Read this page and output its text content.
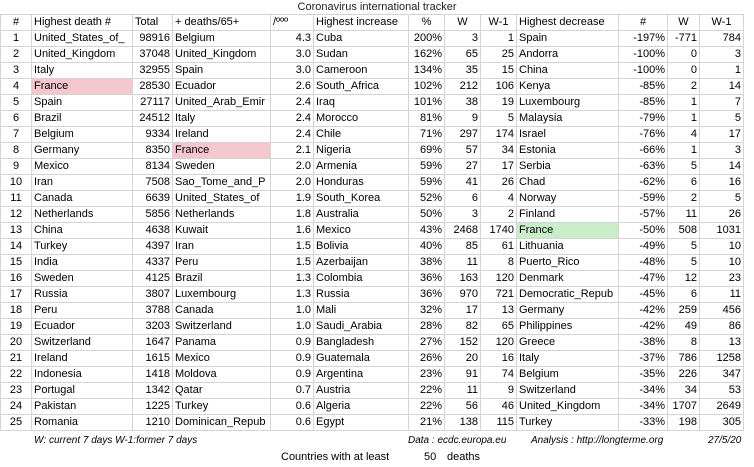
Coronavirus international tracker
#	Highest death #	Total	+ deaths/65+	/ººº	Highest increase	%	W	W-1	Highest decrease	#	W	W-1
1	United_States_of_	98916	Belgium	4.3	Cuba	200%	3	1	Spain	-197%	-771	784
2	United_Kingdom	37048	United_Kingdom	3.0	Sudan	162%	65	25	Andorra	-100%	0	3
3	Italy	32955	Spain	3.0	Cameroon	134%	35	15	China	-100%	0	1
4	France	28530	Ecuador	2.6	South_Africa	102%	212	106	Kenya	-85%	2	14
5	Spain	27117	United_Arab_Emir	2.4	Iraq	101%	38	19	Luxembourg	-85%	1	7
6	Brazil	24512	Italy	2.4	Morocco	81%	9	5	Malaysia	-79%	1	5
7	Belgium	9334	Ireland	2.4	Chile	71%	297	174	Israel	-76%	4	17
8	Germany	8350	France	2.1	Nigeria	69%	57	34	Estonia	-66%	1	3
9	Mexico	8134	Sweden	2.0	Armenia	59%	27	17	Serbia	-63%	5	14
10	Iran	7508	Sao_Tome_and_P	2.0	Honduras	59%	41	26	Chad	-62%	6	16
11	Canada	6639	United_States_of	1.9	South_Korea	52%	6	4	Norway	-59%	2	5
12	Netherlands	5856	Netherlands	1.8	Australia	50%	3	2	Finland	-57%	11	26
13	China	4638	Kuwait	1.6	Mexico	43%	2468	1740	France	-50%	508	1031
14	Turkey	4397	Iran	1.5	Bolivia	40%	85	61	Lithuania	-49%	5	10
15	India	4337	Peru	1.5	Azerbaijan	38%	11	8	Puerto_Rico	-48%	5	10
16	Sweden	4125	Brazil	1.3	Colombia	36%	163	120	Denmark	-47%	12	23
17	Russia	3807	Luxembourg	1.3	Russia	36%	970	721	Democratic_Repub	-45%	6	11
18	Peru	3788	Canada	1.0	Mali	32%	17	13	Germany	-42%	259	456
19	Ecuador	3203	Switzerland	1.0	Saudi_Arabia	28%	82	65	Philippines	-42%	49	86
20	Switzerland	1647	Panama	0.9	Bangladesh	27%	152	120	Greece	-38%	8	13
21	Ireland	1615	Mexico	0.9	Guatemala	26%	20	16	Italy	-37%	786	1258
22	Indonesia	1418	Moldova	0.9	Argentina	23%	91	74	Belgium	-35%	226	347
23	Portugal	1342	Qatar	0.7	Austria	22%	11	9	Switzerland	-34%	34	53
24	Pakistan	1225	Turkey	0.6	Algeria	22%	56	46	United_Kingdom	-34%	1707	2649
25	Romania	1210	Dominican_Repub	0.6	Egypt	21%	138	115	Turkey	-33%	198	305
W: current 7 days W-1:former 7 days	Data : ecdc.europa.eu Analysis : http://longterme.org	27/5/20
Countries with at least	50 deaths
